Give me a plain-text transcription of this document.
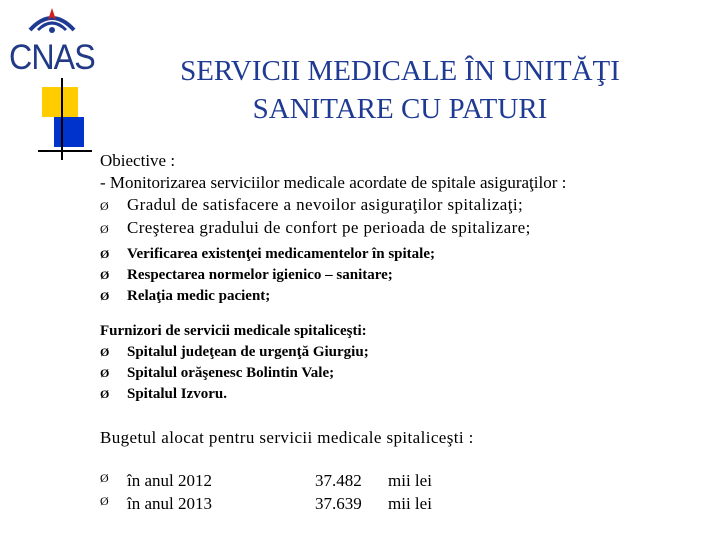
CNAS	SERVICII MEDICALE ÎN UNITĂŢI
SANITARE CU PATURI
Obiective :
- Monitorizarea serviciilor medicale acordate de spitale asiguraţilor :
Ø Gradul de satisfacere a nevoilor asiguraţilor spitalizaţi;
Ø Creşterea gradului de confort pe perioada de spitalizare;
Ø Verificarea existenţei medicamentelor în spitale;
Ø Respectarea normelor igienico – sanitare;
Ø Relaţia medic pacient;
Furnizori de servicii medicale spitaliceşti:
Ø Spitalul judeţean de urgenţă Giurgiu;
Ø Spitalul orăşenesc Bolintin Vale;
Ø Spitalul Izvoru.
Bugetul alocat pentru servicii medicale spitaliceşti :
Ø	în anul 2012	37.482 mii lei
Ø	în anul 2013	37.639 mii lei
